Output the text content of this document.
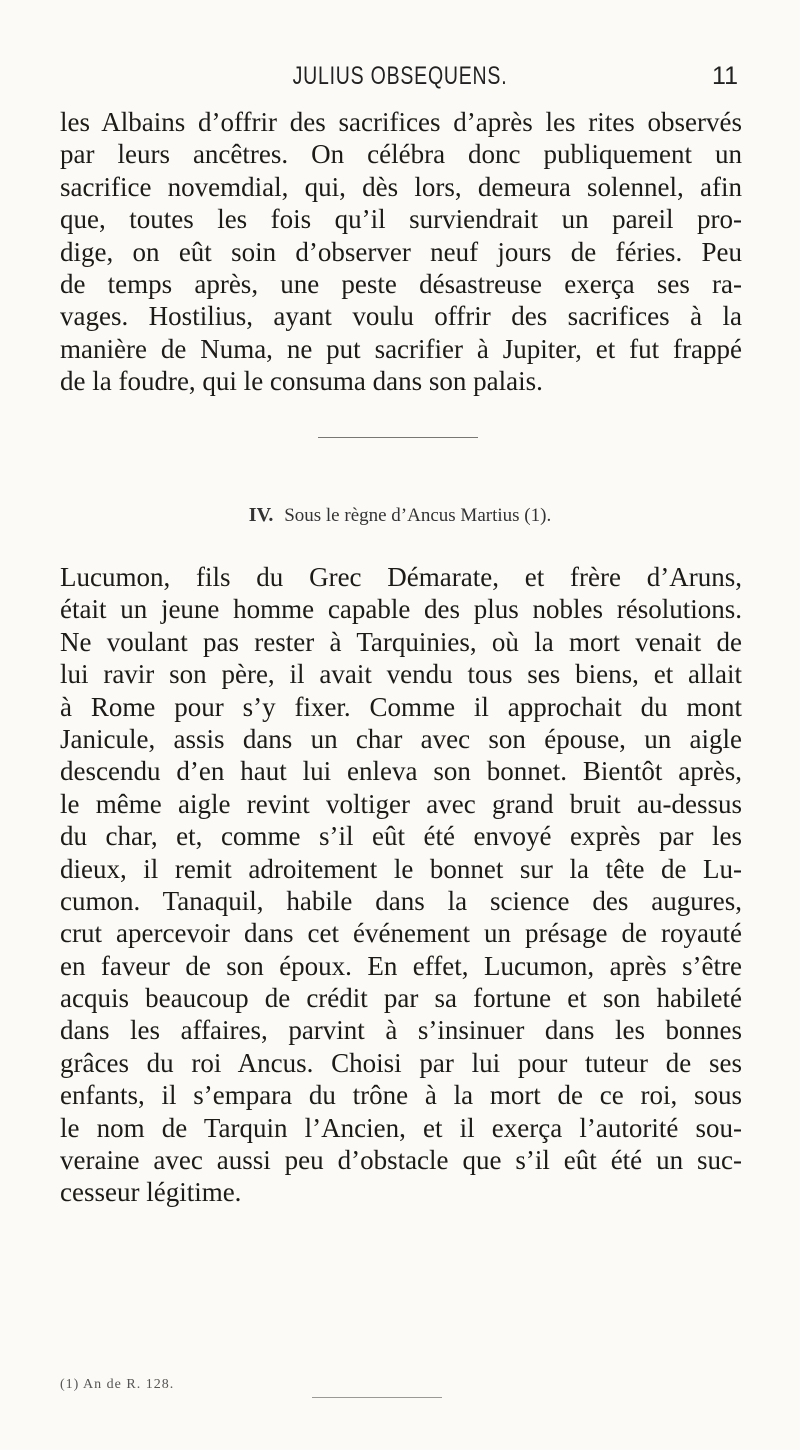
JULIUS OBSEQUENS.	11
les Albains d’offrir des sacrifices d’après les rites observés
par leurs ancêtres. On célébra donc publiquement un
sacrifice novemdial, qui, dès lors, demeura solennel, afin
que, toutes les fois qu’il surviendrait un pareil pro-
dige, on eût soin d’observer neuf jours de féries. Peu
de temps après, une peste désastreuse exerça ses ra-
vages. Hostilius, ayant voulu offrir des sacrifices à la
manière de Numa, ne put sacrifier à Jupiter, et fut frappé
de la foudre, qui le consuma dans son palais.
IV. Sous le règne d’Ancus Martius (1).
Lucumon, fils du Grec Démarate, et frère d’Aruns,
était un jeune homme capable des plus nobles résolutions.
Ne voulant pas rester à Tarquinies, où la mort venait de
lui ravir son père, il avait vendu tous ses biens, et allait
à Rome pour s’y fixer. Comme il approchait du mont
Janicule, assis dans un char avec son épouse, un aigle
descendu d’en haut lui enleva son bonnet. Bientôt après,
le même aigle revint voltiger avec grand bruit au-dessus
du char, et, comme s’il eût été envoyé exprès par les
dieux, il remit adroitement le bonnet sur la tête de Lu-
cumon. Tanaquil, habile dans la science des augures,
crut apercevoir dans cet événement un présage de royauté
en faveur de son époux. En effet, Lucumon, après s’être
acquis beaucoup de crédit par sa fortune et son habileté
dans les affaires, parvint à s’insinuer dans les bonnes
grâces du roi Ancus. Choisi par lui pour tuteur de ses
enfants, il s’empara du trône à la mort de ce roi, sous
le nom de Tarquin l’Ancien, et il exerça l’autorité sou-
veraine avec aussi peu d’obstacle que s’il eût été un suc-
cesseur légitime.
(1) An de R. 128.
